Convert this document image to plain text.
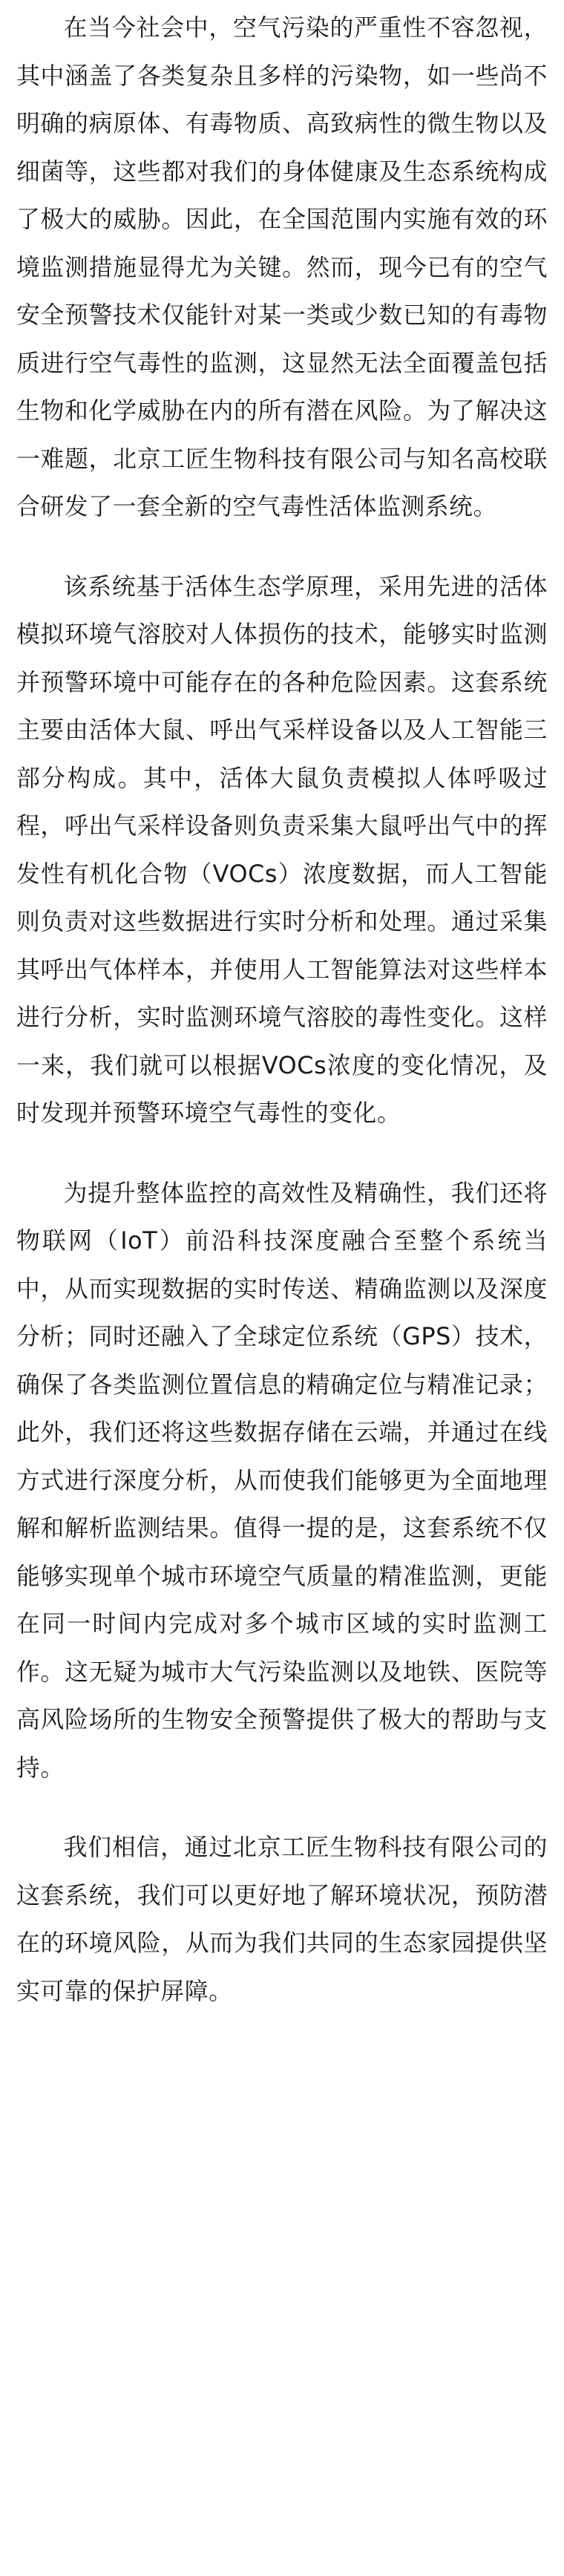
在当今社会中，空气污染的严重性不容忽视，其中涵盖了各类复杂且多样的污染物，如一些尚不明确的病原体、有毒物质、高致病性的微生物以及细菌等，这些都对我们的身体健康及生态系统构成了极大的威胁。因此，在全国范围内实施有效的环境监测措施显得尤为关键。然而，现今已有的空气安全预警技术仅能针对某一类或少数已知的有毒物质进行空气毒性的监测，这显然无法全面覆盖包括生物和化学威胁在内的所有潜在风险。为了解决这一难题，北京工匠生物科技有限公司与知名高校联合研发了一套全新的空气毒性活体监测系统。

该系统基于活体生态学原理，采用先进的活体模拟环境气溶胶对人体损伤的技术，能够实时监测并预警环境中可能存在的各种危险因素。这套系统主要由活体大鼠、呼出气采样设备以及人工智能三部分构成。其中，活体大鼠负责模拟人体呼吸过程，呼出气采样设备则负责采集大鼠呼出气中的挥发性有机化合物（VOCs）浓度数据，而人工智能则负责对这些数据进行实时分析和处理。通过采集其呼出气体样本，并使用人工智能算法对这些样本进行分析，实时监测环境气溶胶的毒性变化。这样一来，我们就可以根据VOCs浓度的变化情况，及时发现并预警环境空气毒性的变化。

为提升整体监控的高效性及精确性，我们还将物联网（IoT）前沿科技深度融合至整个系统当中，从而实现数据的实时传送、精确监测以及深度分析；同时还融入了全球定位系统（GPS）技术，确保了各类监测位置信息的精确定位与精准记录；此外，我们还将这些数据存储在云端，并通过在线方式进行深度分析，从而使我们能够更为全面地理解和解析监测结果。值得一提的是，这套系统不仅能够实现单个城市环境空气质量的精准监测，更能在同一时间内完成对多个城市区域的实时监测工作。这无疑为城市大气污染监测以及地铁、医院等高风险场所的生物安全预警提供了极大的帮助与支持。

我们相信，通过北京工匠生物科技有限公司的这套系统，我们可以更好地了解环境状况，预防潜在的环境风险，从而为我们共同的生态家园提供坚实可靠的保护屏障。
